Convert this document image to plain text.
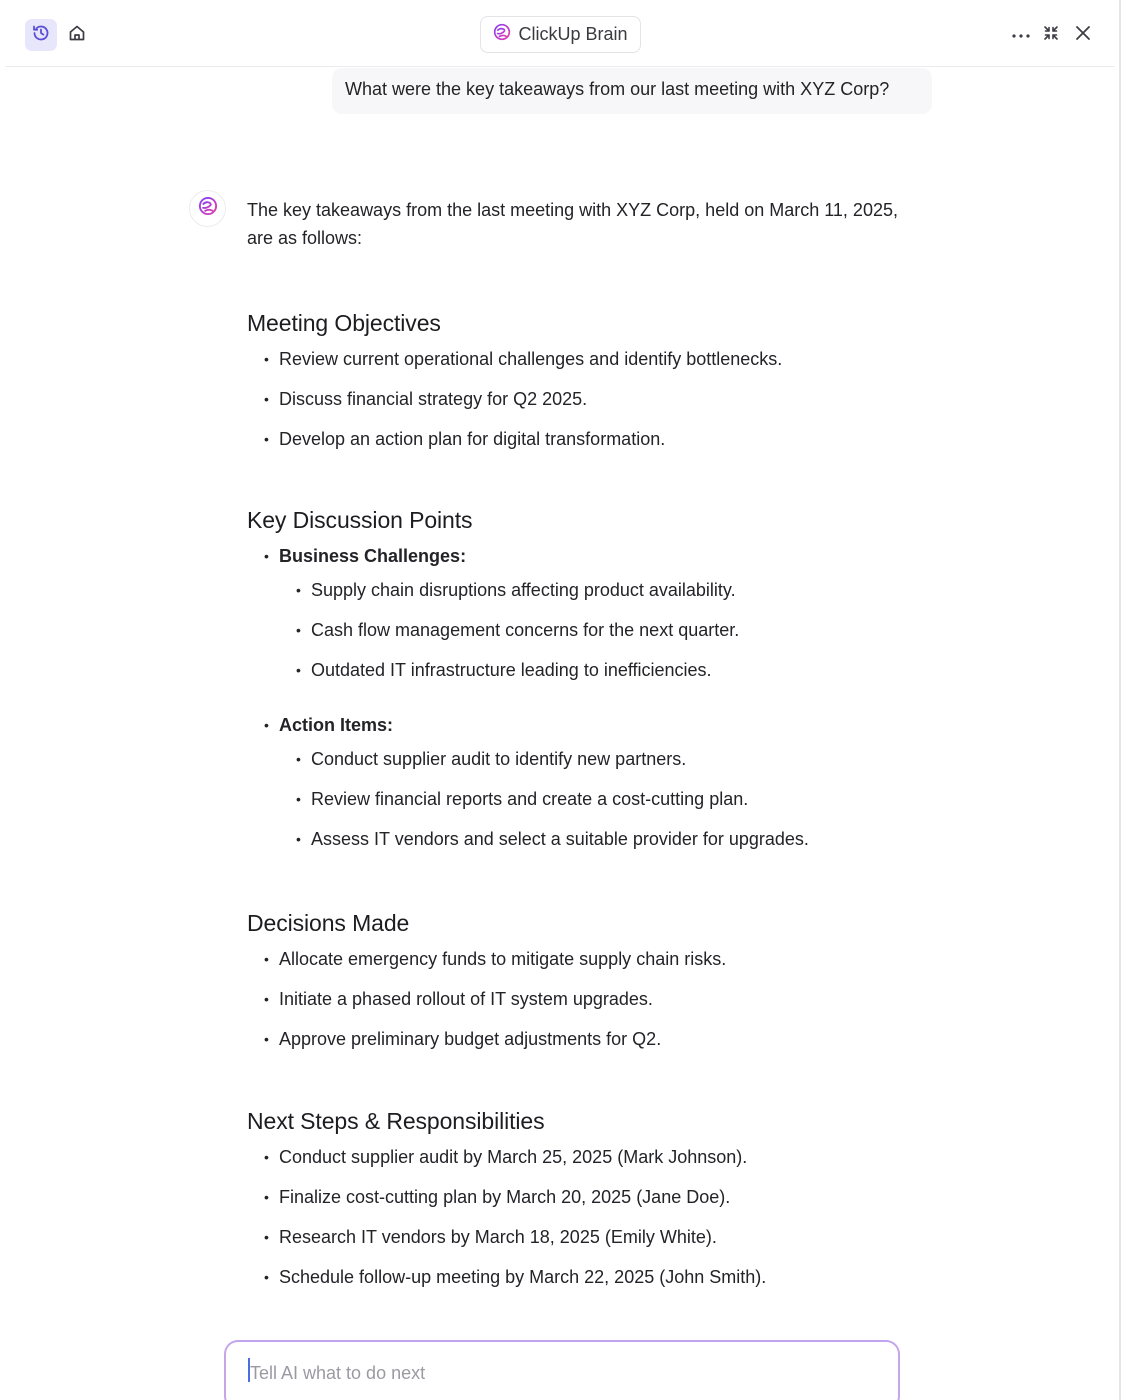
ClickUp Brain
What were the key takeaways from our last meeting with XYZ Corp?

The key takeaways from the last meeting with XYZ Corp, held on March 11, 2025, are as follows:

Meeting Objectives
• Review current operational challenges and identify bottlenecks.
• Discuss financial strategy for Q2 2025.
• Develop an action plan for digital transformation.
Key Discussion Points
• Business Challenges:
• Supply chain disruptions affecting product availability.
• Cash flow management concerns for the next quarter.
• Outdated IT infrastructure leading to inefficiencies.
• Action Items:
• Conduct supplier audit to identify new partners.
• Review financial reports and create a cost-cutting plan.
• Assess IT vendors and select a suitable provider for upgrades.
Decisions Made
• Allocate emergency funds to mitigate supply chain risks.
• Initiate a phased rollout of IT system upgrades.
• Approve preliminary budget adjustments for Q2.
Next Steps & Responsibilities
• Conduct supplier audit by March 25, 2025 (Mark Johnson).
• Finalize cost-cutting plan by March 20, 2025 (Jane Doe).
• Research IT vendors by March 18, 2025 (Emily White).
• Schedule follow-up meeting by March 22, 2025 (John Smith).
Tell AI what to do next
